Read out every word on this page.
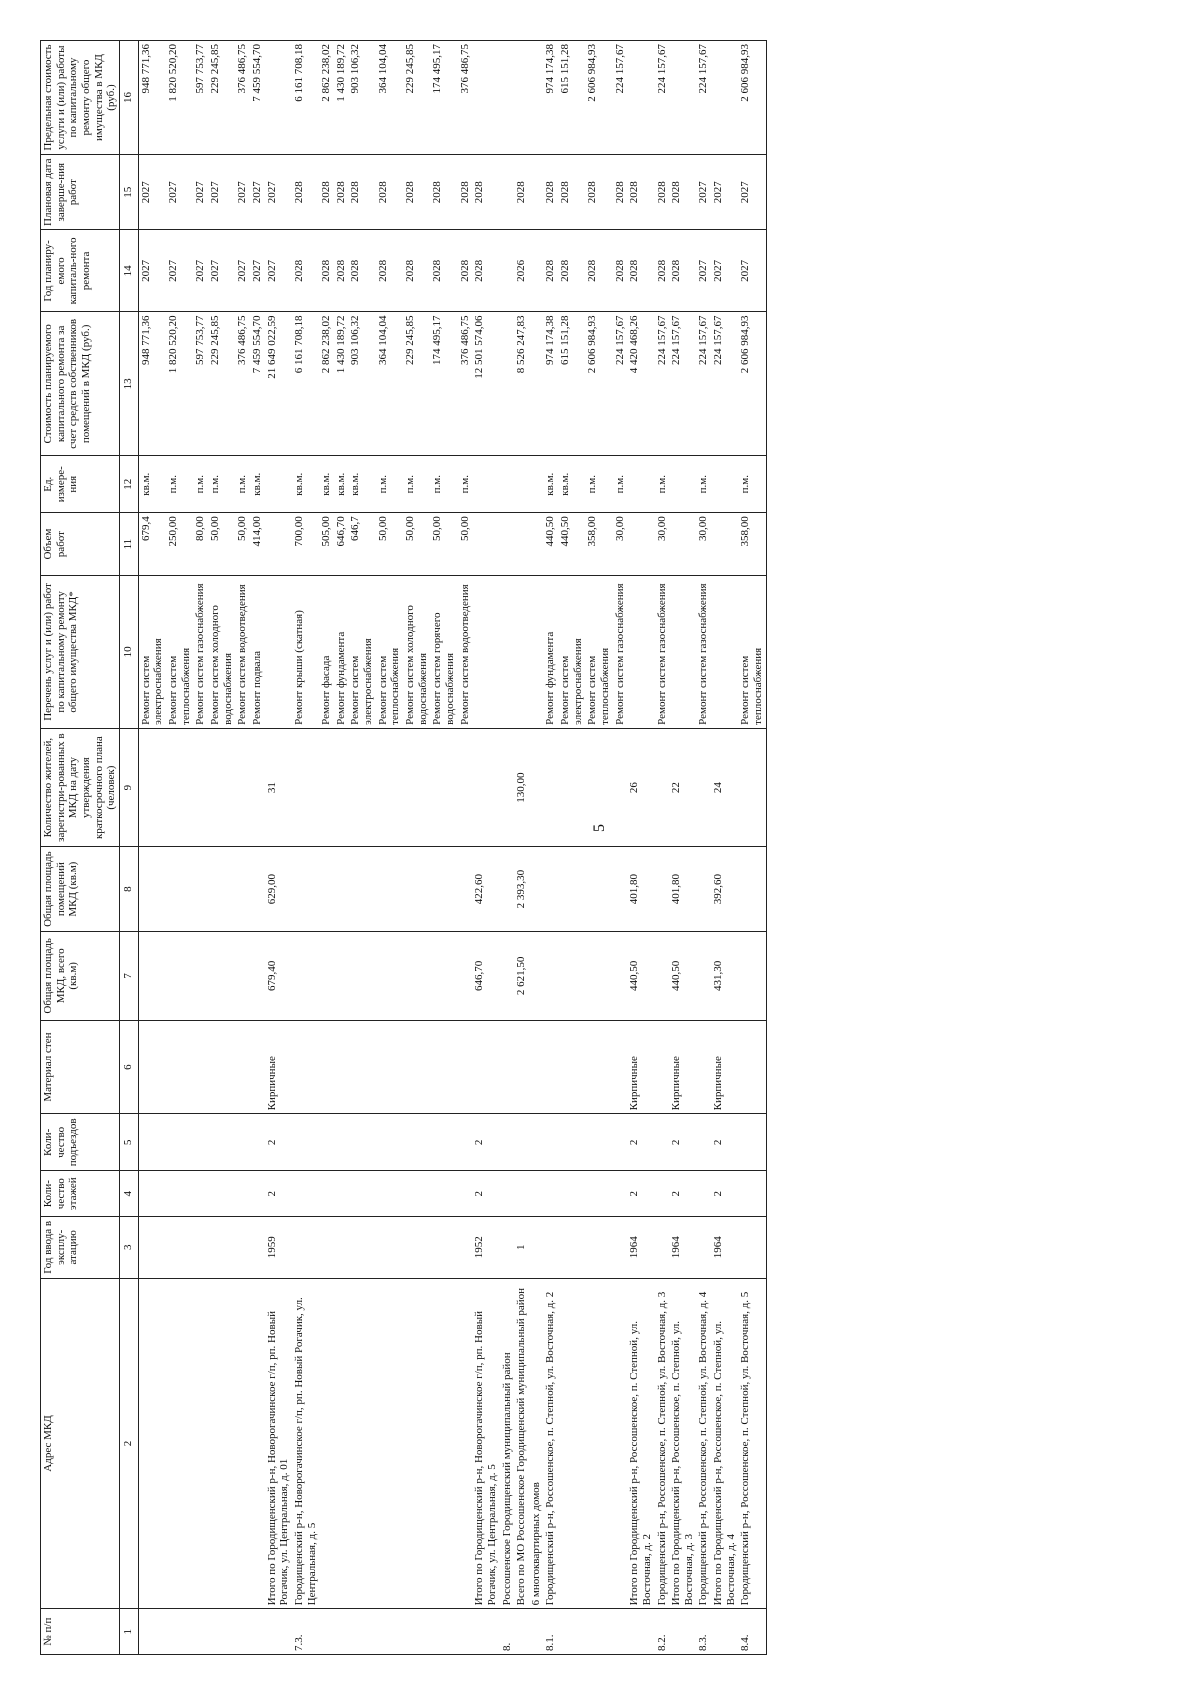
5
№ п/п	Адрес МКД	Год ввода в эксплу-атацию	Коли-чество этажей	Коли-чество подъездов	Материал стен	Общая площадь МКД, всего (кв.м)	Общая площадь помещений МКД (кв.м)	Количество жителей, зарегистри-рованных в МКД на дату утверждения краткосрочного плана (человек)	Перечень услуг и (или) работ по капитальному ремонту общего имущества МКД*	Объем работ	Ед. измере-ния	Стоимость планируемого капитального ремонта за счет средств собственников помещений в МКД (руб.)	Год планиру-емого капиталь-ного ремонта	Плановая дата заверше-ния работ	Предельная стоимость услуги и (или) работы по капитальному ремонту общего имущества в МКД (руб.)
1	2	3	4	5	6	7	8	9	10	11	12	13	14	15	16
									Ремонт систем электроснабжения	679,4	кв.м.	948 771,36	2027	2027	948 771,36
									Ремонт систем теплоснабжения	250,00	п.м.	1 820 520,20	2027	2027	1 820 520,20
									Ремонт систем газоснабжения	80,00	п.м.	597 753,77	2027	2027	597 753,77
									Ремонт систем холодного водоснабжения	50,00	п.м.	229 245,85	2027	2027	229 245,85
									Ремонт систем водоотведения	50,00	п.м.	376 486,75	2027	2027	376 486,75
									Ремонт подвала	414,00	кв.м.	7 459 554,70	2027	2027	7 459 554,70
	Итого по Городищенский р-н, Новорогачинское г/п, рп. Новый Рогачик, ул. Центральная, д. 01	1959	2	2	Кирпичные	679,40	629,00	31				21 649 022,59	2027	2027	
7.3.	Городищенский р-н, Новорогачинское г/п, рп. Новый Рогачик, ул. Центральная, д. 5								Ремонт крыши (скатная)	700,00	кв.м.	6 161 708,18	2028	2028	6 161 708,18
									Ремонт фасада	505,00	кв.м.	2 862 238,02	2028	2028	2 862 238,02
									Ремонт фундамента	646,70	кв.м.	1 430 189,72	2028	2028	1 430 189,72
									Ремонт систем электроснабжения	646,7	кв.м.	903 106,32	2028	2028	903 106,32
									Ремонт систем теплоснабжения	50,00	п.м.	364 104,04	2028	2028	364 104,04
									Ремонт систем холодного водоснабжения	50,00	п.м.	229 245,85	2028	2028	229 245,85
									Ремонт систем горячего водоснабжения	50,00	п.м.	174 495,17	2028	2028	174 495,17
									Ремонт систем водоотведения	50,00	п.м.	376 486,75	2028	2028	376 486,75
	Итого по Городищенский р-н, Новорогачинское г/п, рп. Новый Рогачик, ул. Центральная, д. 5	1952	2	2		646,70	422,60					12 501 574,06	2028	2028	
8.	Россошенское Городищенский муниципальный район														
	Всего по МО Россошенское Городищенский муниципальный район	1				2 621,50	2 393,30	130,00				8 526 247,83	2026	2028	
	6 многоквартирных домов														
8.1.	Городищенский р-н, Россошенское, п. Степной, ул. Восточная, д. 2								Ремонт фундамента	440,50	кв.м.	974 174,38	2028	2028	974 174,38
									Ремонт систем электроснабжения	440,50	кв.м.	615 151,28	2028	2028	615 151,28
									Ремонт систем теплоснабжения	358,00	п.м.	2 606 984,93	2028	2028	2 606 984,93
									Ремонт систем газоснабжения	30,00	п.м.	224 157,67	2028	2028	224 157,67
	Итого по Городищенский р-н, Россошенское, п. Степной, ул. Восточная, д. 2	1964	2	2	Кирпичные	440,50	401,80	26				4 420 468,26	2028	2028	
8.2.	Городищенский р-н, Россошенское, п. Степной, ул. Восточная, д. 3								Ремонт систем газоснабжения	30,00	п.м.	224 157,67	2028	2028	224 157,67
	Итого по Городищенский р-н, Россошенское, п. Степной, ул. Восточная, д. 3	1964	2	2	Кирпичные	440,50	401,80	22				224 157,67	2028	2028	
8.3.	Городищенский р-н, Россошенское, п. Степной, ул. Восточная, д. 4								Ремонт систем газоснабжения	30,00	п.м.	224 157,67	2027	2027	224 157,67
	Итого по Городищенский р-н, Россошенское, п. Степной, ул. Восточная, д. 4	1964	2	2	Кирпичные	431,30	392,60	24				224 157,67	2027	2027	
8.4.	Городищенский р-н, Россошенское, п. Степной, ул. Восточная, д. 5								Ремонт систем теплоснабжения	358,00	п.м.	2 606 984,93	2027	2027	2 606 984,93
